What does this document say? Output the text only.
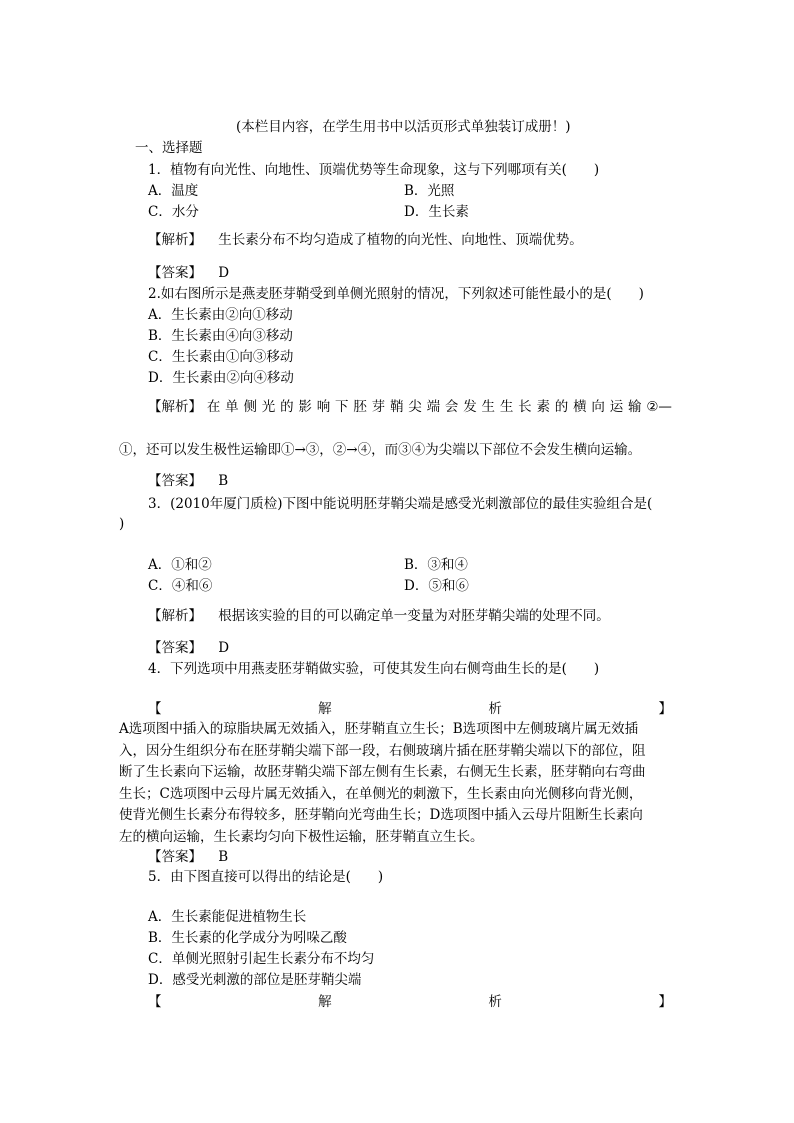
(本栏目内容，在学生用书中以活页形式单独装订成册！)
一、选择题
1．植物有向光性、向地性、顶端优势等生命现象，这与下列哪项有关(　　)
A．温度	B．光照
C．水分	D．生长素
【解析】 生长素分布不均匀造成了植物的向光性、向地性、顶端优势。
【答案】 D
2.如右图所示是燕麦胚芽鞘受到单侧光照射的情况，下列叙述可能性最小的是(　　)
A．生长素由②向①移动
B．生长素由④向③移动
C．生长素由①向③移动
D．生长素由②向④移动
【解析】 在 单 侧 光 的 影 响 下 胚 芽 鞘 尖 端 会 发 生 生 长 素 的 横 向 运 输 ②—
①，还可以发生极性运输即①→③，②→④，而③④为尖端以下部位不会发生横向运输。
【答案】 B
3．(2010年厦门质检)下图中能说明胚芽鞘尖端是感受光刺激部位的最佳实验组合是(
)
A．①和②	B．③和④
C．④和⑥	D．⑤和⑥
【解析】 根据该实验的目的可以确定单一变量为对胚芽鞘尖端的处理不同。
【答案】 D
4．下列选项中用燕麦胚芽鞘做实验，可使其发生向右侧弯曲生长的是(　　)
【	解	析	】
A选项图中插入的琼脂块属无效插入，胚芽鞘直立生长；B选项图中左侧玻璃片属无效插
入，因分生组织分布在胚芽鞘尖端下部一段，右侧玻璃片插在胚芽鞘尖端以下的部位，阻
断了生长素向下运输，故胚芽鞘尖端下部左侧有生长素，右侧无生长素，胚芽鞘向右弯曲
生长；C选项图中云母片属无效插入，在单侧光的刺激下，生长素由向光侧移向背光侧，
使背光侧生长素分布得较多，胚芽鞘向光弯曲生长；D选项图中插入云母片阻断生长素向
左的横向运输，生长素均匀向下极性运输，胚芽鞘直立生长。
【答案】 B
5．由下图直接可以得出的结论是(　　)
A．生长素能促进植物生长
B．生长素的化学成分为吲哚乙酸
C．单侧光照射引起生长素分布不均匀
D．感受光刺激的部位是胚芽鞘尖端
【	解	析	】
